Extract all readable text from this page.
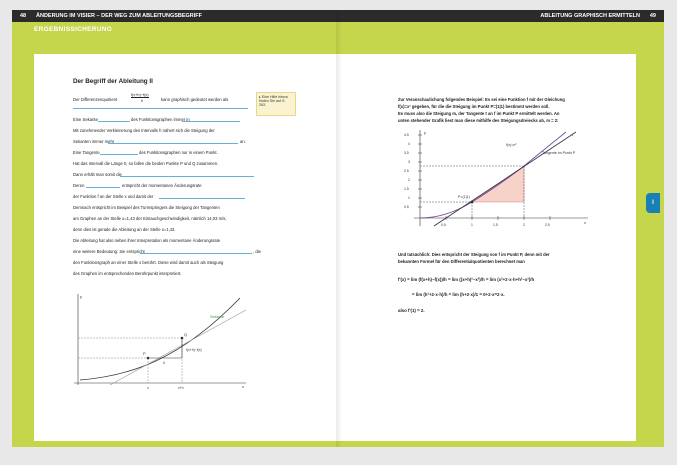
48 ÄNDERUNG IM VISIER – DER WEG ZUM ABLEITUNGSBEGRIFF	ABLEITUNG GRAPHISCH ERMITTELN 49
ERGEBNISSICHERUNG
Der Begriff der Ableitung II
Der Differenzenquotient
f(x+h)−f(x)
h	kann graphisch gedeutet werden als
Eine Sekante	des Funktionsgraphen immer in
Mit zunehmender Verkleinerung des Intervalls h nähert sich die Steigung der
Sekanten immer mehr	an.
Eine Tangente	des Funktionsgraphen nur in einem Punkt.
Hat das Intervall die Länge 0, so fallen die beiden Punkte P und Q zusammen.
Dann erhält man somit die
Deren	entspricht der momentanen Änderungsrate
der Funktion f an der Stelle x und damit der
Demnach entspricht im Beispiel des Turmspringers die Steigung der Tangenten
am Graphen an der Stelle x=1,43 der Eintauchgeschwindigkeit, nämlich 14,03 m/s,
denn dies ist gerade die Ableitung an der Stelle x=1,43.
Die Ableitung hat also neben ihrer Interpretation als momentane Änderungsrate
eine weitere Bedeutung: Sie entspricht	, die
den Funktionsgraph an einer Stelle x berührt. Diese wird damit auch als Steigung
des Graphen im entsprechenden Berührpunkt interpretiert.
▸ Eine Hilfe hierzu finden Sie auf S. 263.
y
x
Sekante
P
Q
h
f(x+h)−f(x)
x	x+h
Zur Veranschaulichung folgendes Beispiel: Es sei eine Funktion f mit der Gleichung
f(x)=x² gegeben, für die die Steigung im Punkt P=(1|1) bestimmt werden soll.
Es muss also die Steigung m, der Tangente t an f im Punkt P ermittelt werden. An
unten stehender Grafik liest man diese mithilfe des Steigungsdreiecks ab, m = 2:
y
x
f(x)=x²
Tangente im Punkt P
P=(1|1)
t
0,5	1	1,5	2	2,5
4,5
4
3,5
3
2,5
2
1,5
1
0,5
Und tatsächlich: Dies entspricht der Steigung von f im Punkt P, denn mit der
bekannten Formel für den Differentialquotienten berechnet man
f'(x) = lim (f(x+h)−f(x))/h = lim ((x+h)²−x²)/h = lim (x²+2·x·h+h²−x²)/h
= lim (h²+2·x·h)/h = lim (h+2·x)/1 = 0+2·x=2·x.
also f'(1) = 2.
I
